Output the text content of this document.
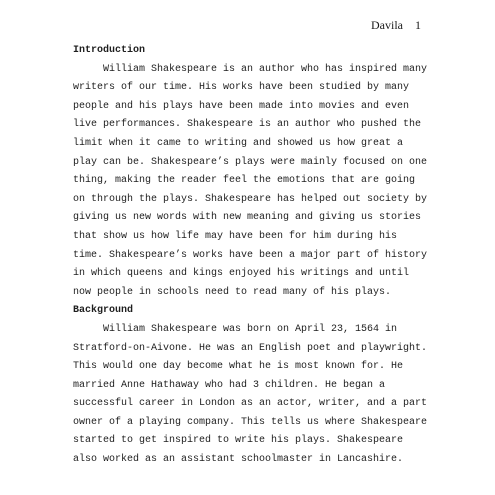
Davila 1
Introduction
William Shakespeare is an author who has inspired many
writers of our time. His works have been studied by many
people and his plays have been made into movies and even
live performances. Shakespeare is an author who pushed the
limit when it came to writing and showed us how great a
play can be. Shakespeare’s plays were mainly focused on one
thing, making the reader feel the emotions that are going
on through the plays. Shakespeare has helped out society by
giving us new words with new meaning and giving us stories
that show us how life may have been for him during his
time. Shakespeare’s works have been a major part of history
in which queens and kings enjoyed his writings and until
now people in schools need to read many of his plays.
Background
William Shakespeare was born on April 23, 1564 in
Stratford-on-Aivone. He was an English poet and playwright.
This would one day become what he is most known for. He
married Anne Hathaway who had 3 children. He began a
successful career in London as an actor, writer, and a part
owner of a playing company. This tells us where Shakespeare
started to get inspired to write his plays. Shakespeare
also worked as an assistant schoolmaster in Lancashire.
